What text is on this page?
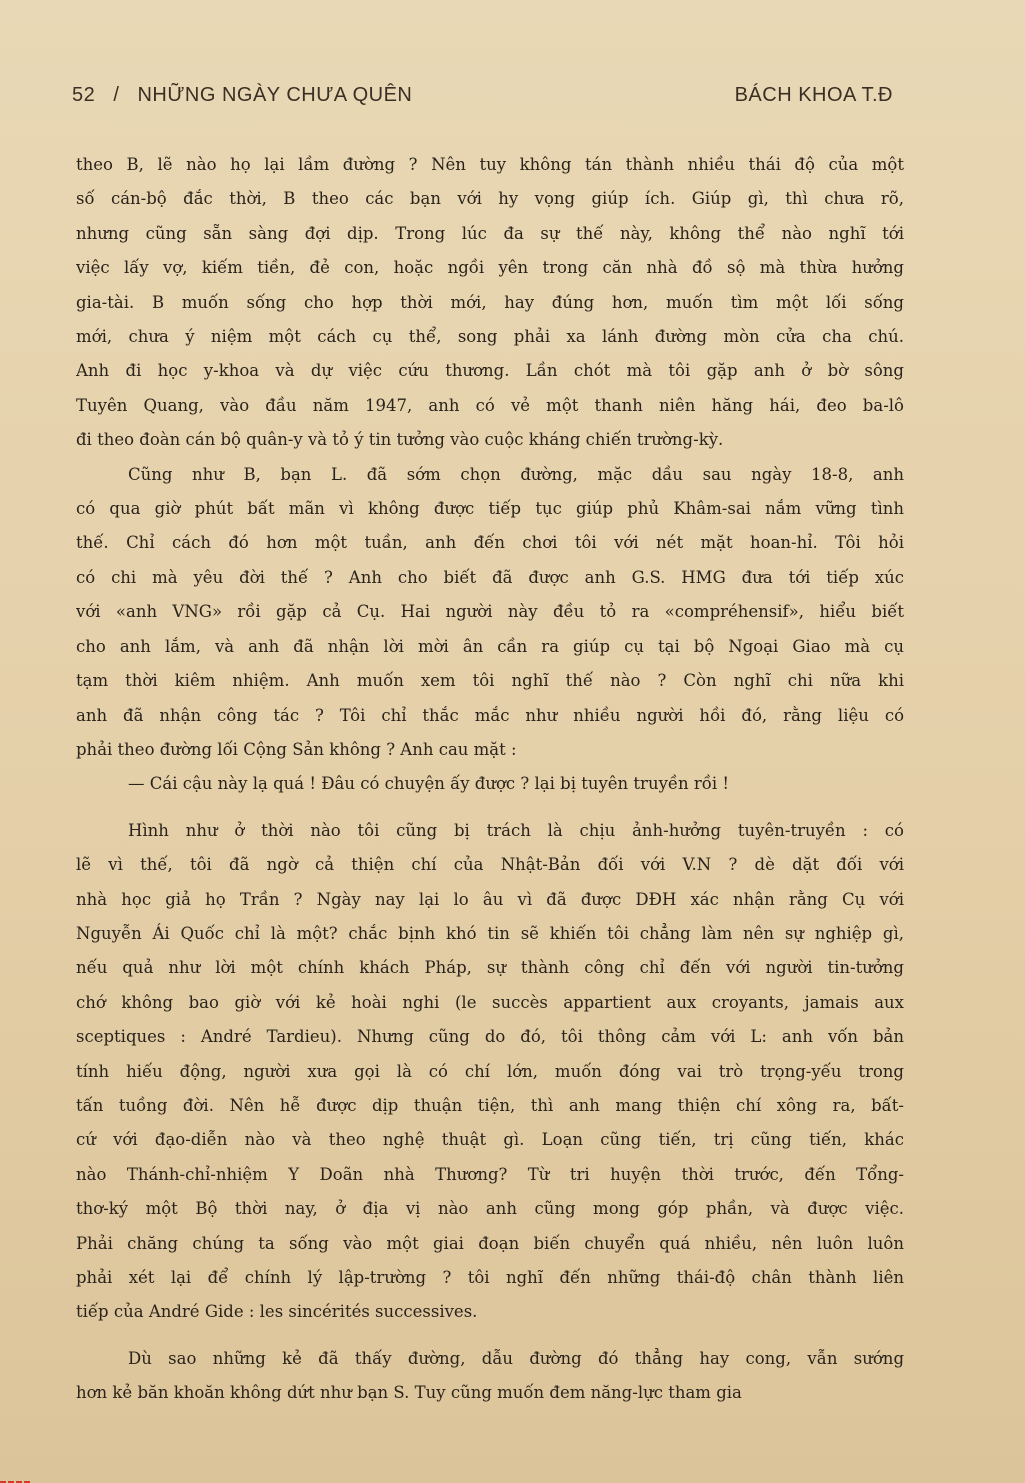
52 / NHỮNG NGÀY CHƯA QUÊN	BÁCH KHOA T.Đ

theo B, lẽ nào họ lại lầm đường ? Nên tuy không tán thành nhiều thái độ của một
số cán-bộ đắc thời, B theo các bạn với hy vọng giúp ích. Giúp gì, thì chưa rõ,
nhưng cũng sẵn sàng đợi dịp. Trong lúc đa sự thế này, không thể nào nghĩ tới
việc lấy vợ, kiếm tiền, đẻ con, hoặc ngồi yên trong căn nhà đồ sộ mà thừa hưởng
gia-tài. B muốn sống cho hợp thời mới, hay đúng hơn, muốn tìm một lối sống
mới, chưa ý niệm một cách cụ thể, song phải xa lánh đường mòn cửa cha chú.
Anh đi học y-khoa và dự việc cứu thương. Lần chót mà tôi gặp anh ở bờ sông
Tuyên Quang, vào đầu năm 1947, anh có vẻ một thanh niên hăng hái, đeo ba-lô
đi theo đoàn cán bộ quân-y và tỏ ý tin tưởng vào cuộc kháng chiến trường-kỳ.

Cũng như B, bạn L. đã sớm chọn đường, mặc dầu sau ngày 18-8, anh
có qua giờ phút bất mãn vì không được tiếp tục giúp phủ Khâm-sai nắm vững tình
thế. Chỉ cách đó hơn một tuần, anh đến chơi tôi với nét mặt hoan-hỉ. Tôi hỏi
có chi mà yêu đời thế ? Anh cho biết đã được anh G.S. HMG đưa tới tiếp xúc
với «anh VNG» rồi gặp cả Cụ. Hai người này đều tỏ ra «compréhensif», hiểu biết
cho anh lắm, và anh đã nhận lời mời ân cần ra giúp cụ tại bộ Ngoại Giao mà cụ
tạm thời kiêm nhiệm. Anh muốn xem tôi nghĩ thế nào ? Còn nghĩ chi nữa khi
anh đã nhận công tác ? Tôi chỉ thắc mắc như nhiều người hồi đó, rằng liệu có
phải theo đường lối Cộng Sản không ? Anh cau mặt :

— Cái cậu này lạ quá ! Đâu có chuyện ấy được ? lại bị tuyên truyền rồi !

Hình như ở thời nào tôi cũng bị trách là chịu ảnh-hưởng tuyên-truyền : có
lẽ vì thế, tôi đã ngờ cả thiện chí của Nhật-Bản đối với V.N ? dè dặt đối với
nhà học giả họ Trần ? Ngày nay lại lo âu vì đã được DĐH xác nhận rằng Cụ với
Nguyễn Ái Quốc chỉ là một? chắc bịnh khó tin sẽ khiến tôi chẳng làm nên sự nghiệp gì,
nếu quả như lời một chính khách Pháp, sự thành công chỉ đến với người tin-tưởng
chớ không bao giờ với kẻ hoài nghi (le succès appartient aux croyants, jamais aux
sceptiques : André Tardieu). Nhưng cũng do đó, tôi thông cảm với L: anh vốn bản
tính hiếu động, người xưa gọi là có chí lớn, muốn đóng vai trò trọng-yếu trong
tấn tuồng đời. Nên hễ được dịp thuận tiện, thì anh mang thiện chí xông ra, bất-
cứ với đạo-diễn nào và theo nghệ thuật gì. Loạn cũng tiến, trị cũng tiến, khác
nào Thánh-chỉ-nhiệm Y Doãn nhà Thương? Từ tri huyện thời trước, đến Tổng-
thơ-ký một Bộ thời nay, ở địa vị nào anh cũng mong góp phần, và được việc.
Phải chăng chúng ta sống vào một giai đoạn biến chuyển quá nhiều, nên luôn luôn
phải xét lại để chính lý lập-trường ? tôi nghĩ đến những thái-độ chân thành liên
tiếp của André Gide : les sincérités successives.

Dù sao những kẻ đã thấy đường, dẫu đường đó thẳng hay cong, vẫn sướng
hơn kẻ băn khoăn không dứt như bạn S. Tuy cũng muốn đem năng-lực tham gia
